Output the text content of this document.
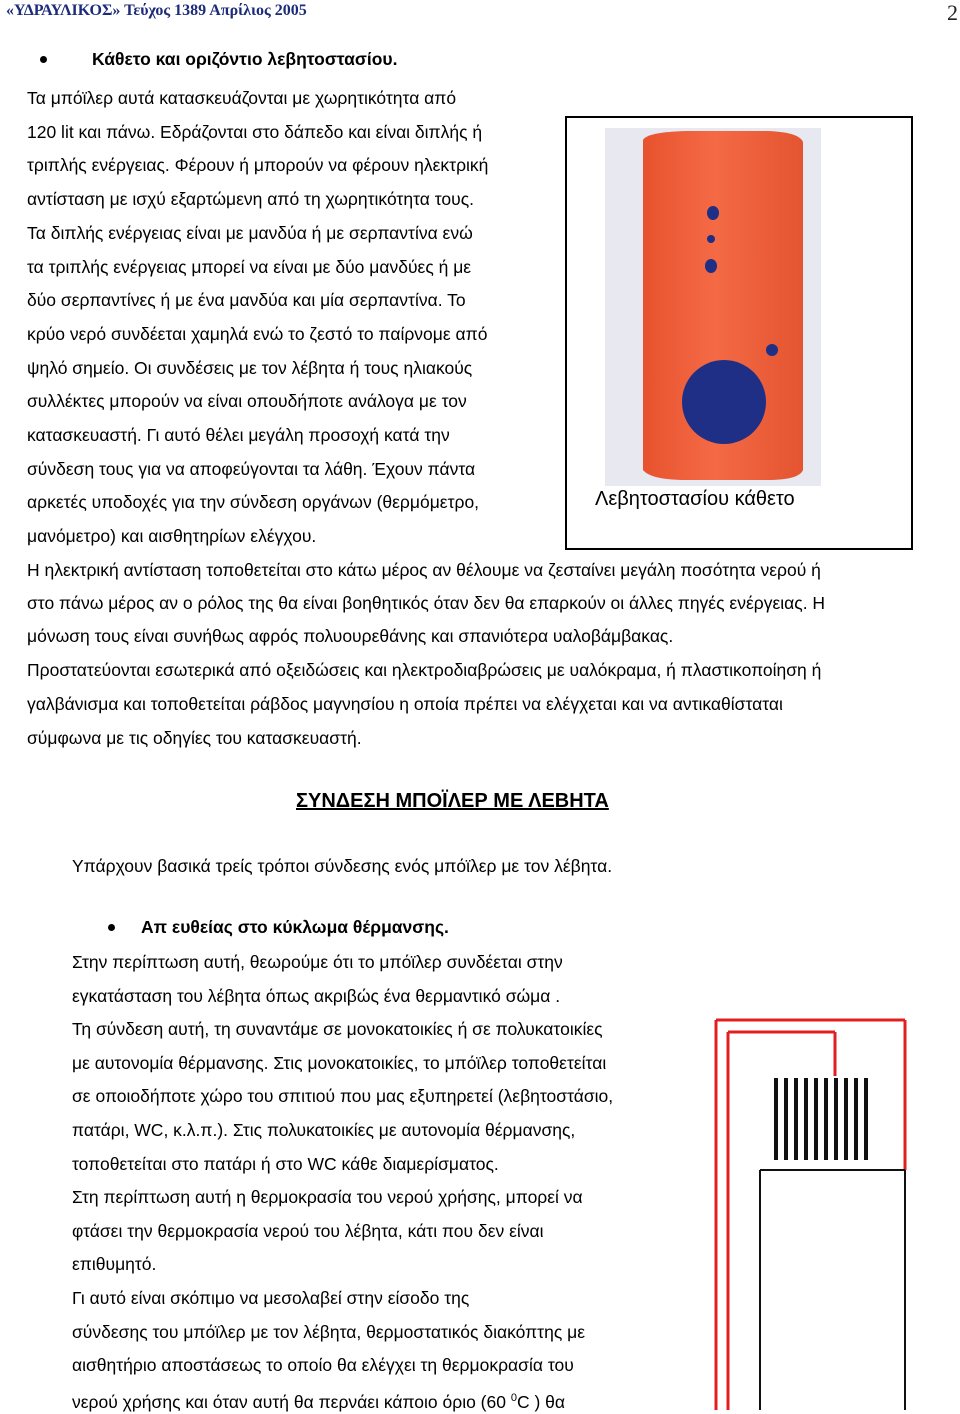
«ΥΔΡΑΥΛΙΚΟΣ» Τεύχος 1389 Απρίλιος 2005	2
Κάθετο και οριζόντιο λεβητοστασίου.
Τα μπόϊλερ αυτά κατασκευάζονται με χωρητικότητα από
120 lit και πάνω. Εδράζονται στο δάπεδο και είναι διπλής ή
τριπλής ενέργειας. Φέρουν ή μπορούν να φέρουν ηλεκτρική
αντίσταση με ισχύ εξαρτώμενη από τη χωρητικότητα τους.
Τα διπλής ενέργειας είναι με μανδύα ή με σερπαντίνα ενώ
τα τριπλής ενέργειας μπορεί να είναι με δύο μανδύες ή με
δύο σερπαντίνες ή με ένα μανδύα και μία σερπαντίνα. Το
κρύο νερό συνδέεται χαμηλά ενώ το ζεστό το παίρνομε από
ψηλό σημείο. Οι συνδέσεις με τον λέβητα ή τους ηλιακούς
συλλέκτες μπορούν να είναι οπουδήποτε ανάλογα με τον
κατασκευαστή. Γι αυτό θέλει μεγάλη προσοχή κατά την
σύνδεση τους για να αποφεύγονται τα λάθη. Έχουν πάντα
αρκετές υποδοχές για την σύνδεση οργάνων (θερμόμετρο,
μανόμετρο) και αισθητηρίων ελέγχου.
Λεβητοστασίου κάθετο
Η ηλεκτρική αντίσταση τοποθετείται στο κάτω μέρος αν θέλουμε να ζεσταίνει μεγάλη ποσότητα νερού ή
στο πάνω μέρος αν ο ρόλος της θα είναι βοηθητικός όταν δεν θα επαρκούν οι άλλες πηγές ενέργειας. Η
μόνωση τους είναι συνήθως αφρός πολυουρεθάνης και σπανιότερα υαλοβάμβακας.
Προστατεύονται εσωτερικά από οξειδώσεις και ηλεκτροδιαβρώσεις με υαλόκραμα, ή πλαστικοποίηση ή
γαλβάνισμα και τοποθετείται ράβδος μαγνησίου η οποία πρέπει να ελέγχεται και να αντικαθίσταται
σύμφωνα με τις οδηγίες του κατασκευαστή.
ΣΥΝΔΕΣΗ ΜΠΟΪΛΕΡ ΜΕ ΛΕΒΗΤΑ
Υπάρχουν βασικά τρείς τρόποι σύνδεσης ενός μπόϊλερ με τον λέβητα.
Απ ευθείας στο κύκλωμα θέρμανσης.
Στην περίπτωση αυτή, θεωρούμε ότι το μπόϊλερ συνδέεται στην
εγκατάσταση του λέβητα όπως ακριβώς ένα θερμαντικό σώμα .
Τη σύνδεση αυτή, τη συναντάμε σε μονοκατοικίες ή σε πολυκατοικίες
με αυτονομία θέρμανσης. Στις μονοκατοικίες, το μπόϊλερ τοποθετείται
σε οποιοδήποτε χώρο του σπιτιού που μας εξυπηρετεί (λεβητοστάσιο,
πατάρι, WC, κ.λ.π.). Στις πολυκατοικίες με αυτονομία θέρμανσης,
τοποθετείται στο πατάρι ή στο WC κάθε διαμερίσματος.
Στη περίπτωση αυτή η θερμοκρασία του νερού χρήσης, μπορεί να
φτάσει την θερμοκρασία νερού του λέβητα, κάτι που δεν είναι
επιθυμητό.
Γι αυτό είναι σκόπιμο να μεσολαβεί στην είσοδο της
σύνδεσης του μπόϊλερ με τον λέβητα, θερμοστατικός διακόπτης με
αισθητήριο αποστάσεως το οποίο θα ελέγχει τη θερμοκρασία του
νερού χρήσης και όταν αυτή θα περνάει κάποιο όριο (60 $^0$C ) θα
